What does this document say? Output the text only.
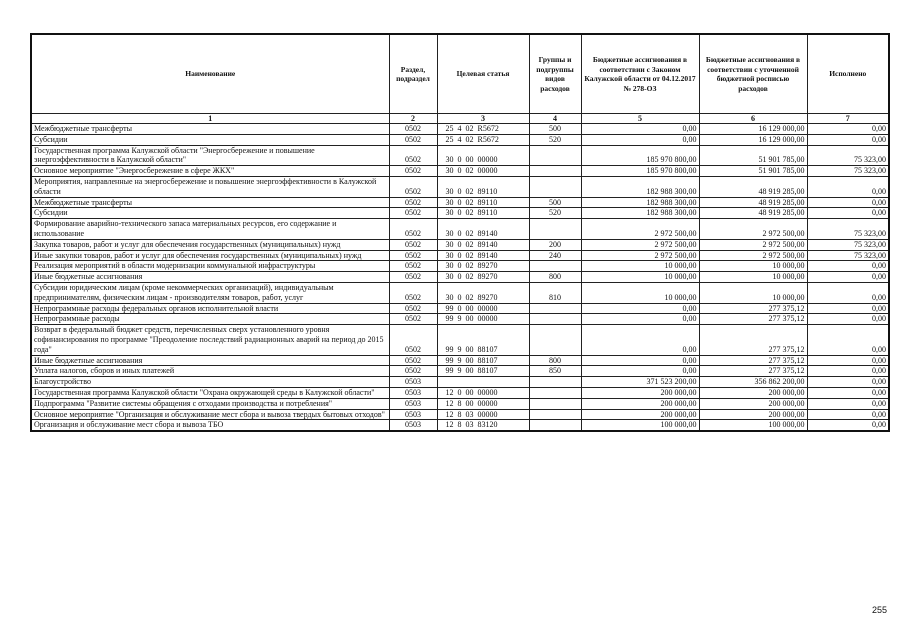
Наименование	Раздел, подраздел	Целевая статья	Группы и подгруппы видов расходов	Бюджетные ассигнования в соответствии с Законом Калужской области от 04.12.2017 № 278-ОЗ	Бюджетные ассигнования в соответствии с уточненной бюджетной росписью расходов	Исполнено
1	2	3	4	5	6	7
Межбюджетные трансферты	0502	25  4  02  R5672	500	0,00	16 129 000,00	0,00
Субсидии	0502	25  4  02  R5672	520	0,00	16 129 000,00	0,00
Государственная программа Калужской области "Энергосбережение и повышение энергоэффективности в Калужской области"	0502	30  0  00  00000		185 970 800,00	51 901 785,00	75 323,00
Основное мероприятие "Энергосбережение в сфере ЖКХ"	0502	30  0  02  00000		185 970 800,00	51 901 785,00	75 323,00
Мероприятия, направленные на энергосбережение и повышение энергоэффективности в Калужской области	0502	30  0  02  89110		182 988 300,00	48 919 285,00	0,00
Межбюджетные трансферты	0502	30  0  02  89110	500	182 988 300,00	48 919 285,00	0,00
Субсидии	0502	30  0  02  89110	520	182 988 300,00	48 919 285,00	0,00
Формирование аварийно-технического запаса материальных ресурсов, его содержание и использование	0502	30  0  02  89140		2 972 500,00	2 972 500,00	75 323,00
Закупка товаров, работ и услуг для обеспечения государственных (муниципальных) нужд	0502	30  0  02  89140	200	2 972 500,00	2 972 500,00	75 323,00
Иные закупки товаров, работ и услуг для обеспечения государственных (муниципальных) нужд	0502	30  0  02  89140	240	2 972 500,00	2 972 500,00	75 323,00
Реализация мероприятий в области модернизации коммунальной инфраструктуры	0502	30  0  02  89270		10 000,00	10 000,00	0,00
Иные бюджетные ассигнования	0502	30  0  02  89270	800	10 000,00	10 000,00	0,00
Субсидии юридическим лицам (кроме некоммерческих организаций), индивидуальным предпринимателям, физическим лицам - производителям товаров, работ, услуг	0502	30  0  02  89270	810	10 000,00	10 000,00	0,00
Непрограммные расходы федеральных органов исполнительной власти	0502	99  0  00  00000		0,00	277 375,12	0,00
Непрограммные расходы	0502	99  9  00  00000		0,00	277 375,12	0,00
Возврат в федеральный бюджет средств, перечисленных сверх установленного уровня софинансирования по программе "Преодоление последствий радиационных аварий на период до 2015 года"	0502	99  9  00  88107		0,00	277 375,12	0,00
Иные бюджетные ассигнования	0502	99  9  00  88107	800	0,00	277 375,12	0,00
Уплата налогов, сборов и иных платежей	0502	99  9  00  88107	850	0,00	277 375,12	0,00
Благоустройство	0503			371 523 200,00	356 862 200,00	0,00
Государственная программа Калужской области "Охрана окружающей среды в Калужской области"	0503	12  0  00  00000		200 000,00	200 000,00	0,00
Подпрограмма "Развитие системы обращения с отходами производства и потребления"	0503	12  8  00  00000		200 000,00	200 000,00	0,00
Основное мероприятие "Организация и обслуживание мест сбора и вывоза твердых бытовых отходов"	0503	12  8  03  00000		200 000,00	200 000,00	0,00
Организация и обслуживание мест сбора и вывоза ТБО	0503	12  8  03  83120		100 000,00	100 000,00	0,00
255
